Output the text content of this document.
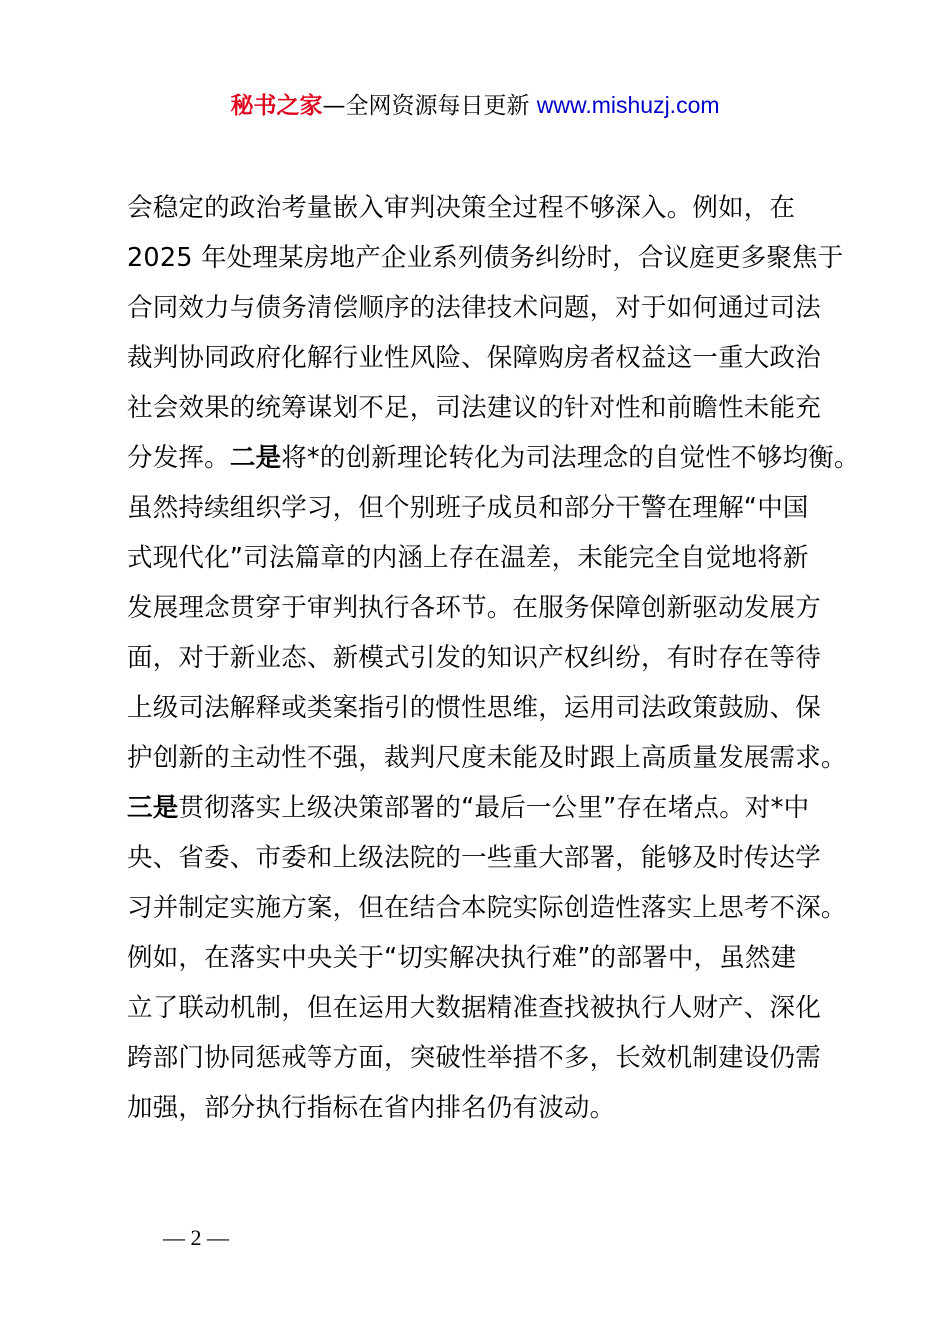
秘书之家—全网资源每日更新 www.mishuzj.com
会稳定的政治考量嵌入审判决策全过程不够深入。例如，在
2025 年处理某房地产企业系列债务纠纷时，合议庭更多聚焦于
合同效力与债务清偿顺序的法律技术问题，对于如何通过司法
裁判协同政府化解行业性风险、保障购房者权益这一重大政治
社会效果的统筹谋划不足，司法建议的针对性和前瞻性未能充
分发挥。二是将*的创新理论转化为司法理念的自觉性不够均衡。
虽然持续组织学习，但个别班子成员和部分干警在理解“中国
式现代化”司法篇章的内涵上存在温差，未能完全自觉地将新
发展理念贯穿于审判执行各环节。在服务保障创新驱动发展方
面，对于新业态、新模式引发的知识产权纠纷，有时存在等待
上级司法解释或类案指引的惯性思维，运用司法政策鼓励、保
护创新的主动性不强，裁判尺度未能及时跟上高质量发展需求。
三是贯彻落实上级决策部署的“最后一公里”存在堵点。对*中
央、省委、市委和上级法院的一些重大部署，能够及时传达学
习并制定实施方案，但在结合本院实际创造性落实上思考不深。
例如，在落实中央关于“切实解决执行难”的部署中，虽然建
立了联动机制，但在运用大数据精准查找被执行人财产、深化
跨部门协同惩戒等方面，突破性举措不多，长效机制建设仍需
加强，部分执行指标在省内排名仍有波动。
— 2 —
